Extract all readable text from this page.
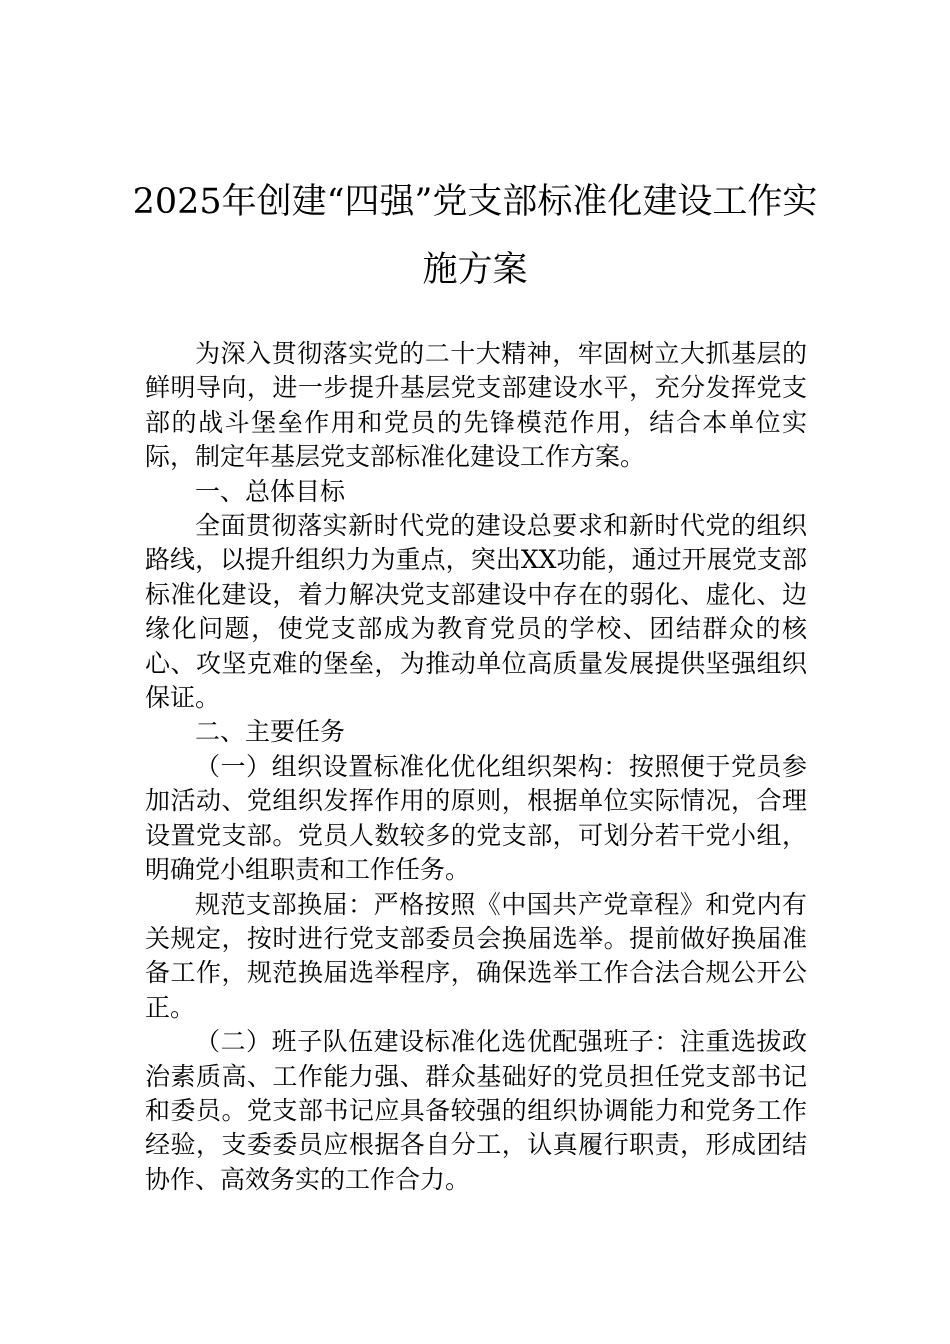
2025年创建“四强”党支部标准化建设工作实
施方案

为深入贯彻落实党的二十大精神，牢固树立大抓基层的鲜明导向，进一步提升基层党支部建设水平，充分发挥党支部的战斗堡垒作用和党员的先锋模范作用，结合本单位实际，制定年基层党支部标准化建设工作方案。

一、总体目标

全面贯彻落实新时代党的建设总要求和新时代党的组织路线，以提升组织力为重点，突出XX功能，通过开展党支部标准化建设，着力解决党支部建设中存在的弱化、虚化、边缘化问题，使党支部成为教育党员的学校、团结群众的核心、攻坚克难的堡垒，为推动单位高质量发展提供坚强组织保证。

二、主要任务

（一）组织设置标准化优化组织架构：按照便于党员参加活动、党组织发挥作用的原则，根据单位实际情况，合理设置党支部。党员人数较多的党支部，可划分若干党小组，明确党小组职责和工作任务。

规范支部换届：严格按照《中国共产党章程》和党内有关规定，按时进行党支部委员会换届选举。提前做好换届准备工作，规范换届选举程序，确保选举工作合法合规公开公正。

（二）班子队伍建设标准化选优配强班子：注重选拔政治素质高、工作能力强、群众基础好的党员担任党支部书记和委员。党支部书记应具备较强的组织协调能力和党务工作经验，支委委员应根据各自分工，认真履行职责，形成团结协作、高效务实的工作合力。
